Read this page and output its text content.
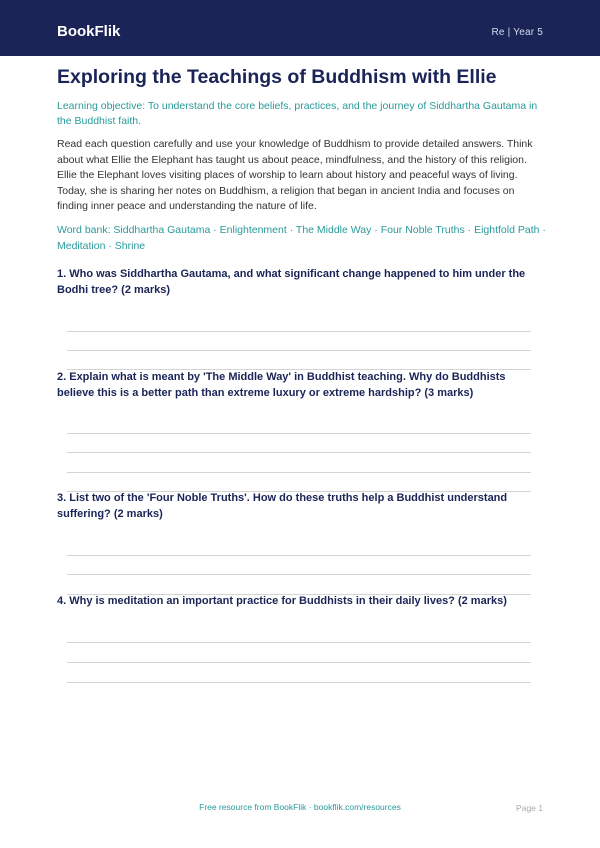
BookFlik	Re | Year 5
Exploring the Teachings of Buddhism with Ellie

Learning objective: To understand the core beliefs, practices, and the journey of Siddhartha Gautama in the Buddhist faith.

Read each question carefully and use your knowledge of Buddhism to provide detailed answers. Think about what Ellie the Elephant has taught us about peace, mindfulness, and the history of this religion.

Ellie the Elephant loves visiting places of worship to learn about history and peaceful ways of living. Today, she is sharing her notes on Buddhism, a religion that began in ancient India and focuses on finding inner peace and understanding the nature of life.

Word bank: Siddhartha Gautama · Enlightenment · The Middle Way · Four Noble Truths · Eightfold Path · Meditation · Shrine

1. Who was Siddhartha Gautama, and what significant change happened to him under the Bodhi tree? (2 marks)

2. Explain what is meant by 'The Middle Way' in Buddhist teaching. Why do Buddhists believe this is a better path than extreme luxury or extreme hardship? (3 marks)

3. List two of the 'Four Noble Truths'. How do these truths help a Buddhist understand suffering? (2 marks)

4. Why is meditation an important practice for Buddhists in their daily lives? (2 marks)

Free resource from BookFlik · bookflik.com/resources	Page 1
